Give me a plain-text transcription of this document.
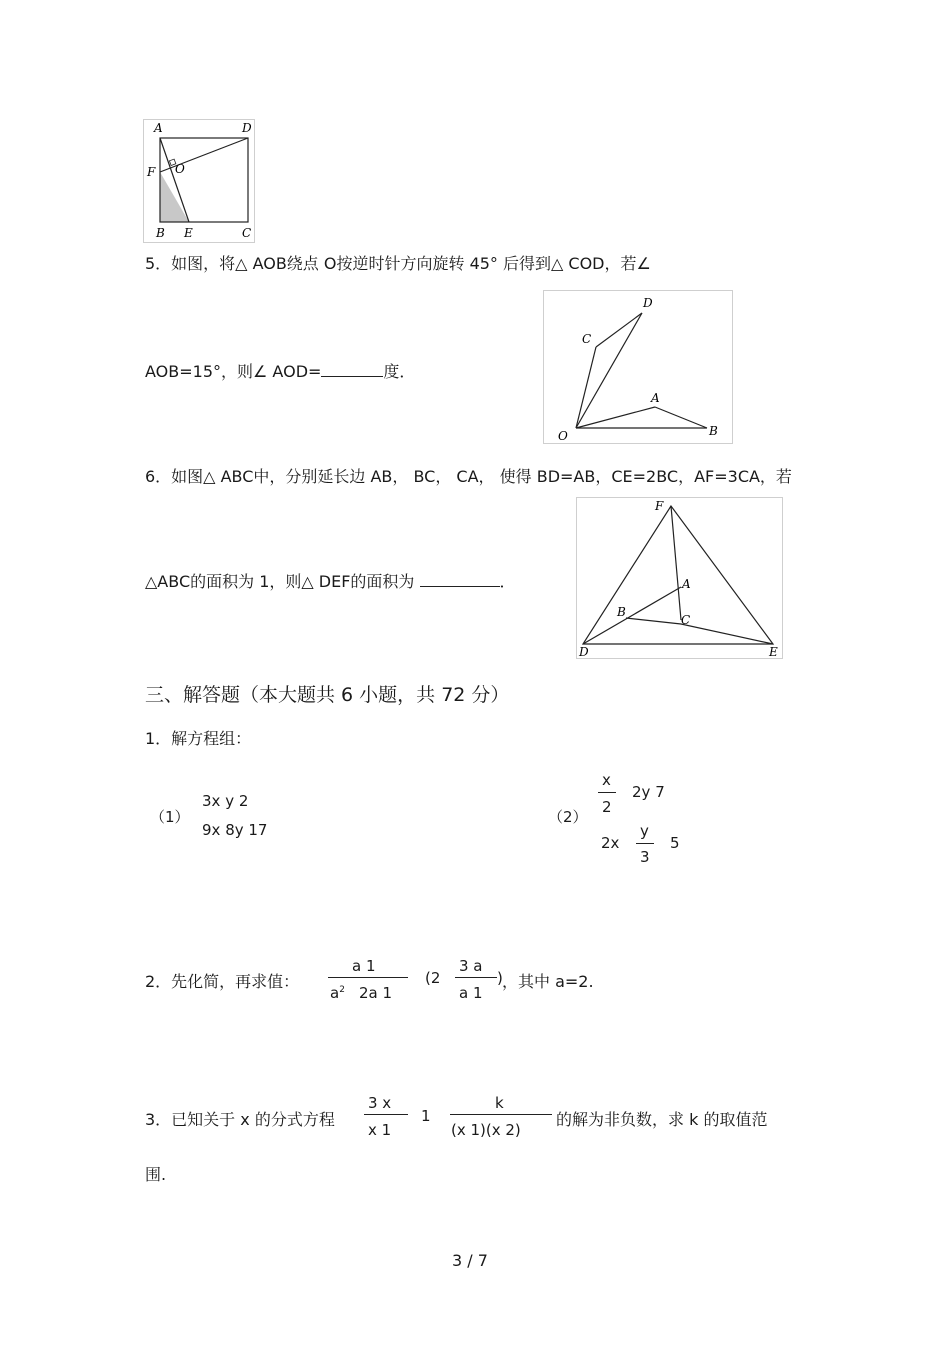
A	D
F O
B E	C
5．如图，将△ AOB绕点 O按逆时针方向旋转 45° 后得到△ COD，若∠
AOB=15°，则∠ AOD=	度．
D
C
A
O	B
6．如图△ ABC中，分别延长边 AB， BC， CA， 使得 BD=AB，CE=2BC，AF=3CA，若
△ABC的面积为 1，则△ DEF的面积为	．
F
A
B
C
D	E
三、解答题（本大题共 6 小题，共 72 分）
1．解方程组：
（1）
3x y 2
9x 8y 17
（2）
x
2
2y 7
2x
y
3
5
2．先化简，再求值：
a 1
$a^2$ 2a 1
(2
3 a
a 1
) ，其中 a=2.
3．已知关于 x 的分式方程
3 x
x 1
1
k
(x 1)(x 2)
的解为非负数，求 k 的取值范
围.
3 / 7
